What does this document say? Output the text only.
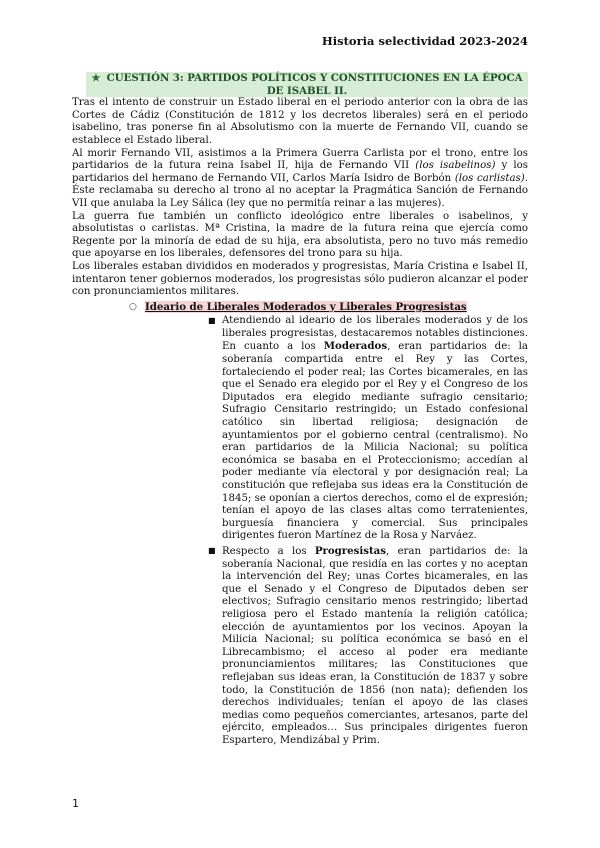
Historia selectividad 2023-2024
★ CUESTIÓN 3: PARTIDOS POLÍTICOS Y CONSTITUCIONES EN LA ÉPOCA DE ISABEL II.

Tras el intento de construir un Estado liberal en el periodo anterior con la obra de las Cortes de Cádiz (Constitución de 1812 y los decretos liberales) será en el periodo isabelino, tras ponerse fin al Absolutismo con la muerte de Fernando VII, cuando se establece el Estado liberal.

Al morir Fernando VII, asistimos a la Primera Guerra Carlista por el trono, entre los partidarios de la futura reina Isabel II, hija de Fernando VII (los isabelinos) y los partidarios del hermano de Fernando VII, Carlos María Isidro de Borbón (los carlistas). Éste reclamaba su derecho al trono al no aceptar la Pragmática Sanción de Fernando VII que anulaba la Ley Sálica (ley que no permitía reinar a las mujeres).

La guerra fue también un conflicto ideológico entre liberales o isabelinos, y absolutistas o carlistas. Mª Cristina, la madre de la futura reina que ejercía como Regente por la minoría de edad de su hija, era absolutista, pero no tuvo más remedio que apoyarse en los liberales, defensores del trono para su hija.

Los liberales estaban divididos en moderados y progresistas, María Cristina e Isabel II, intentaron tener gobiernos moderados, los progresistas sólo pudieron alcanzar el poder con pronunciamientos militares.

○ Ideario de Liberales Moderados y Liberales Progresistas
■ Atendiendo al ideario de los liberales moderados y de los liberales progresistas, destacaremos notables distinciones. En cuanto a los Moderados, eran partidarios de: la soberanía compartida entre el Rey y las Cortes, fortaleciendo el poder real; las Cortes bicamerales, en las que el Senado era elegido por el Rey y el Congreso de los Diputados era elegido mediante sufragio censitario; Sufragio Censitario restringido; un Estado confesional católico sin libertad religiosa; designación de ayuntamientos por el gobierno central (centralismo). No eran partidarios de la Milicia Nacional; su política económica se basaba en el Proteccionismo; accedían al poder mediante vía electoral y por designación real; La constitución que reflejaba sus ideas era la Constitución de 1845; se oponían a ciertos derechos, como el de expresión; tenían el apoyo de las clases altas como terratenientes, burguesía financiera y comercial. Sus principales dirigentes fueron Martínez de la Rosa y Narváez.
■ Respecto a los Progresistas, eran partidarios de: la soberanía Nacional, que residía en las cortes y no aceptan la intervención del Rey; unas Cortes bicamerales, en las que el Senado y el Congreso de Diputados deben ser electivos; Sufragio censitario menos restringido; libertad religiosa pero el Estado mantenía la religión católica; elección de ayuntamientos por los vecinos. Apoyan la Milicia Nacional; su política económica se basó en el Librecambismo; el acceso al poder era mediante pronunciamientos militares; las Constituciones que reflejaban sus ideas eran, la Constitución de 1837 y sobre todo, la Constitución de 1856 (non nata); defienden los derechos individuales; tenían el apoyo de las clases medias como pequeños comerciantes, artesanos, parte del ejército, empleados… Sus principales dirigentes fueron Espartero, Mendizábal y Prim.
1
